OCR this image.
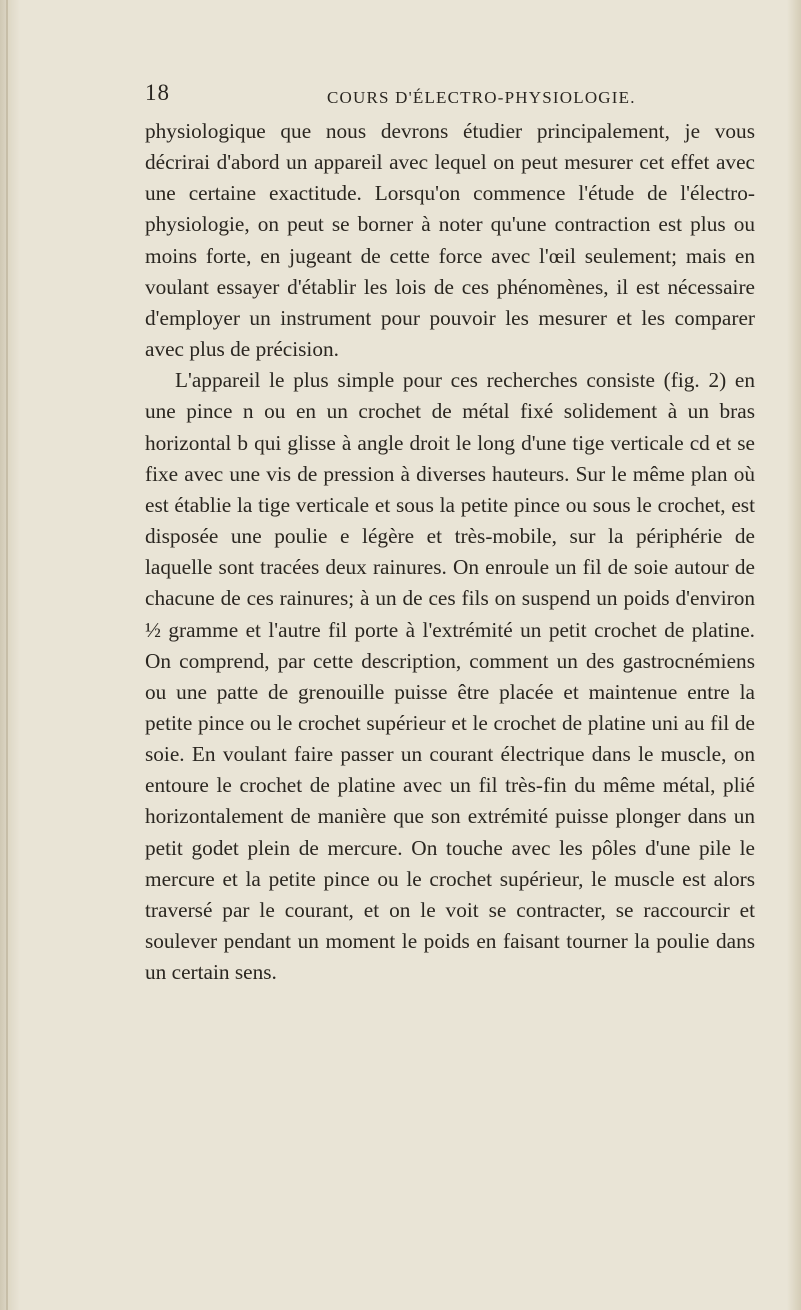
18	COURS D'ÉLECTRO-PHYSIOLOGIE.

physiologique que nous devrons étudier principalement, je vous décrirai d'abord un appareil avec lequel on peut mesurer cet effet avec une certaine exactitude. Lorsqu'on commence l'étude de l'électro-physiologie, on peut se borner à noter qu'une contraction est plus ou moins forte, en jugeant de cette force avec l'œil seulement; mais en voulant essayer d'établir les lois de ces phénomènes, il est nécessaire d'employer un instrument pour pouvoir les mesurer et les comparer avec plus de précision.

L'appareil le plus simple pour ces recherches consiste (fig. 2) en une pince n ou en un crochet de métal fixé solidement à un bras horizontal b qui glisse à angle droit le long d'une tige verticale cd et se fixe avec une vis de pression à diverses hauteurs. Sur le même plan où est établie la tige verticale et sous la petite pince ou sous le crochet, est disposée une poulie e légère et très-mobile, sur la périphérie de laquelle sont tracées deux rainures. On enroule un fil de soie autour de chacune de ces rainures; à un de ces fils on suspend un poids d'environ ½ gramme et l'autre fil porte à l'extrémité un petit crochet de platine. On comprend, par cette description, comment un des gastrocnémiens ou une patte de grenouille puisse être placée et maintenue entre la petite pince ou le crochet supérieur et le crochet de platine uni au fil de soie. En voulant faire passer un courant électrique dans le muscle, on entoure le crochet de platine avec un fil très-fin du même métal, plié horizontalement de manière que son extrémité puisse plonger dans un petit godet plein de mercure. On touche avec les pôles d'une pile le mercure et la petite pince ou le crochet supérieur, le muscle est alors traversé par le courant, et on le voit se contracter, se raccourcir et soulever pendant un moment le poids en faisant tourner la poulie dans un certain sens.
